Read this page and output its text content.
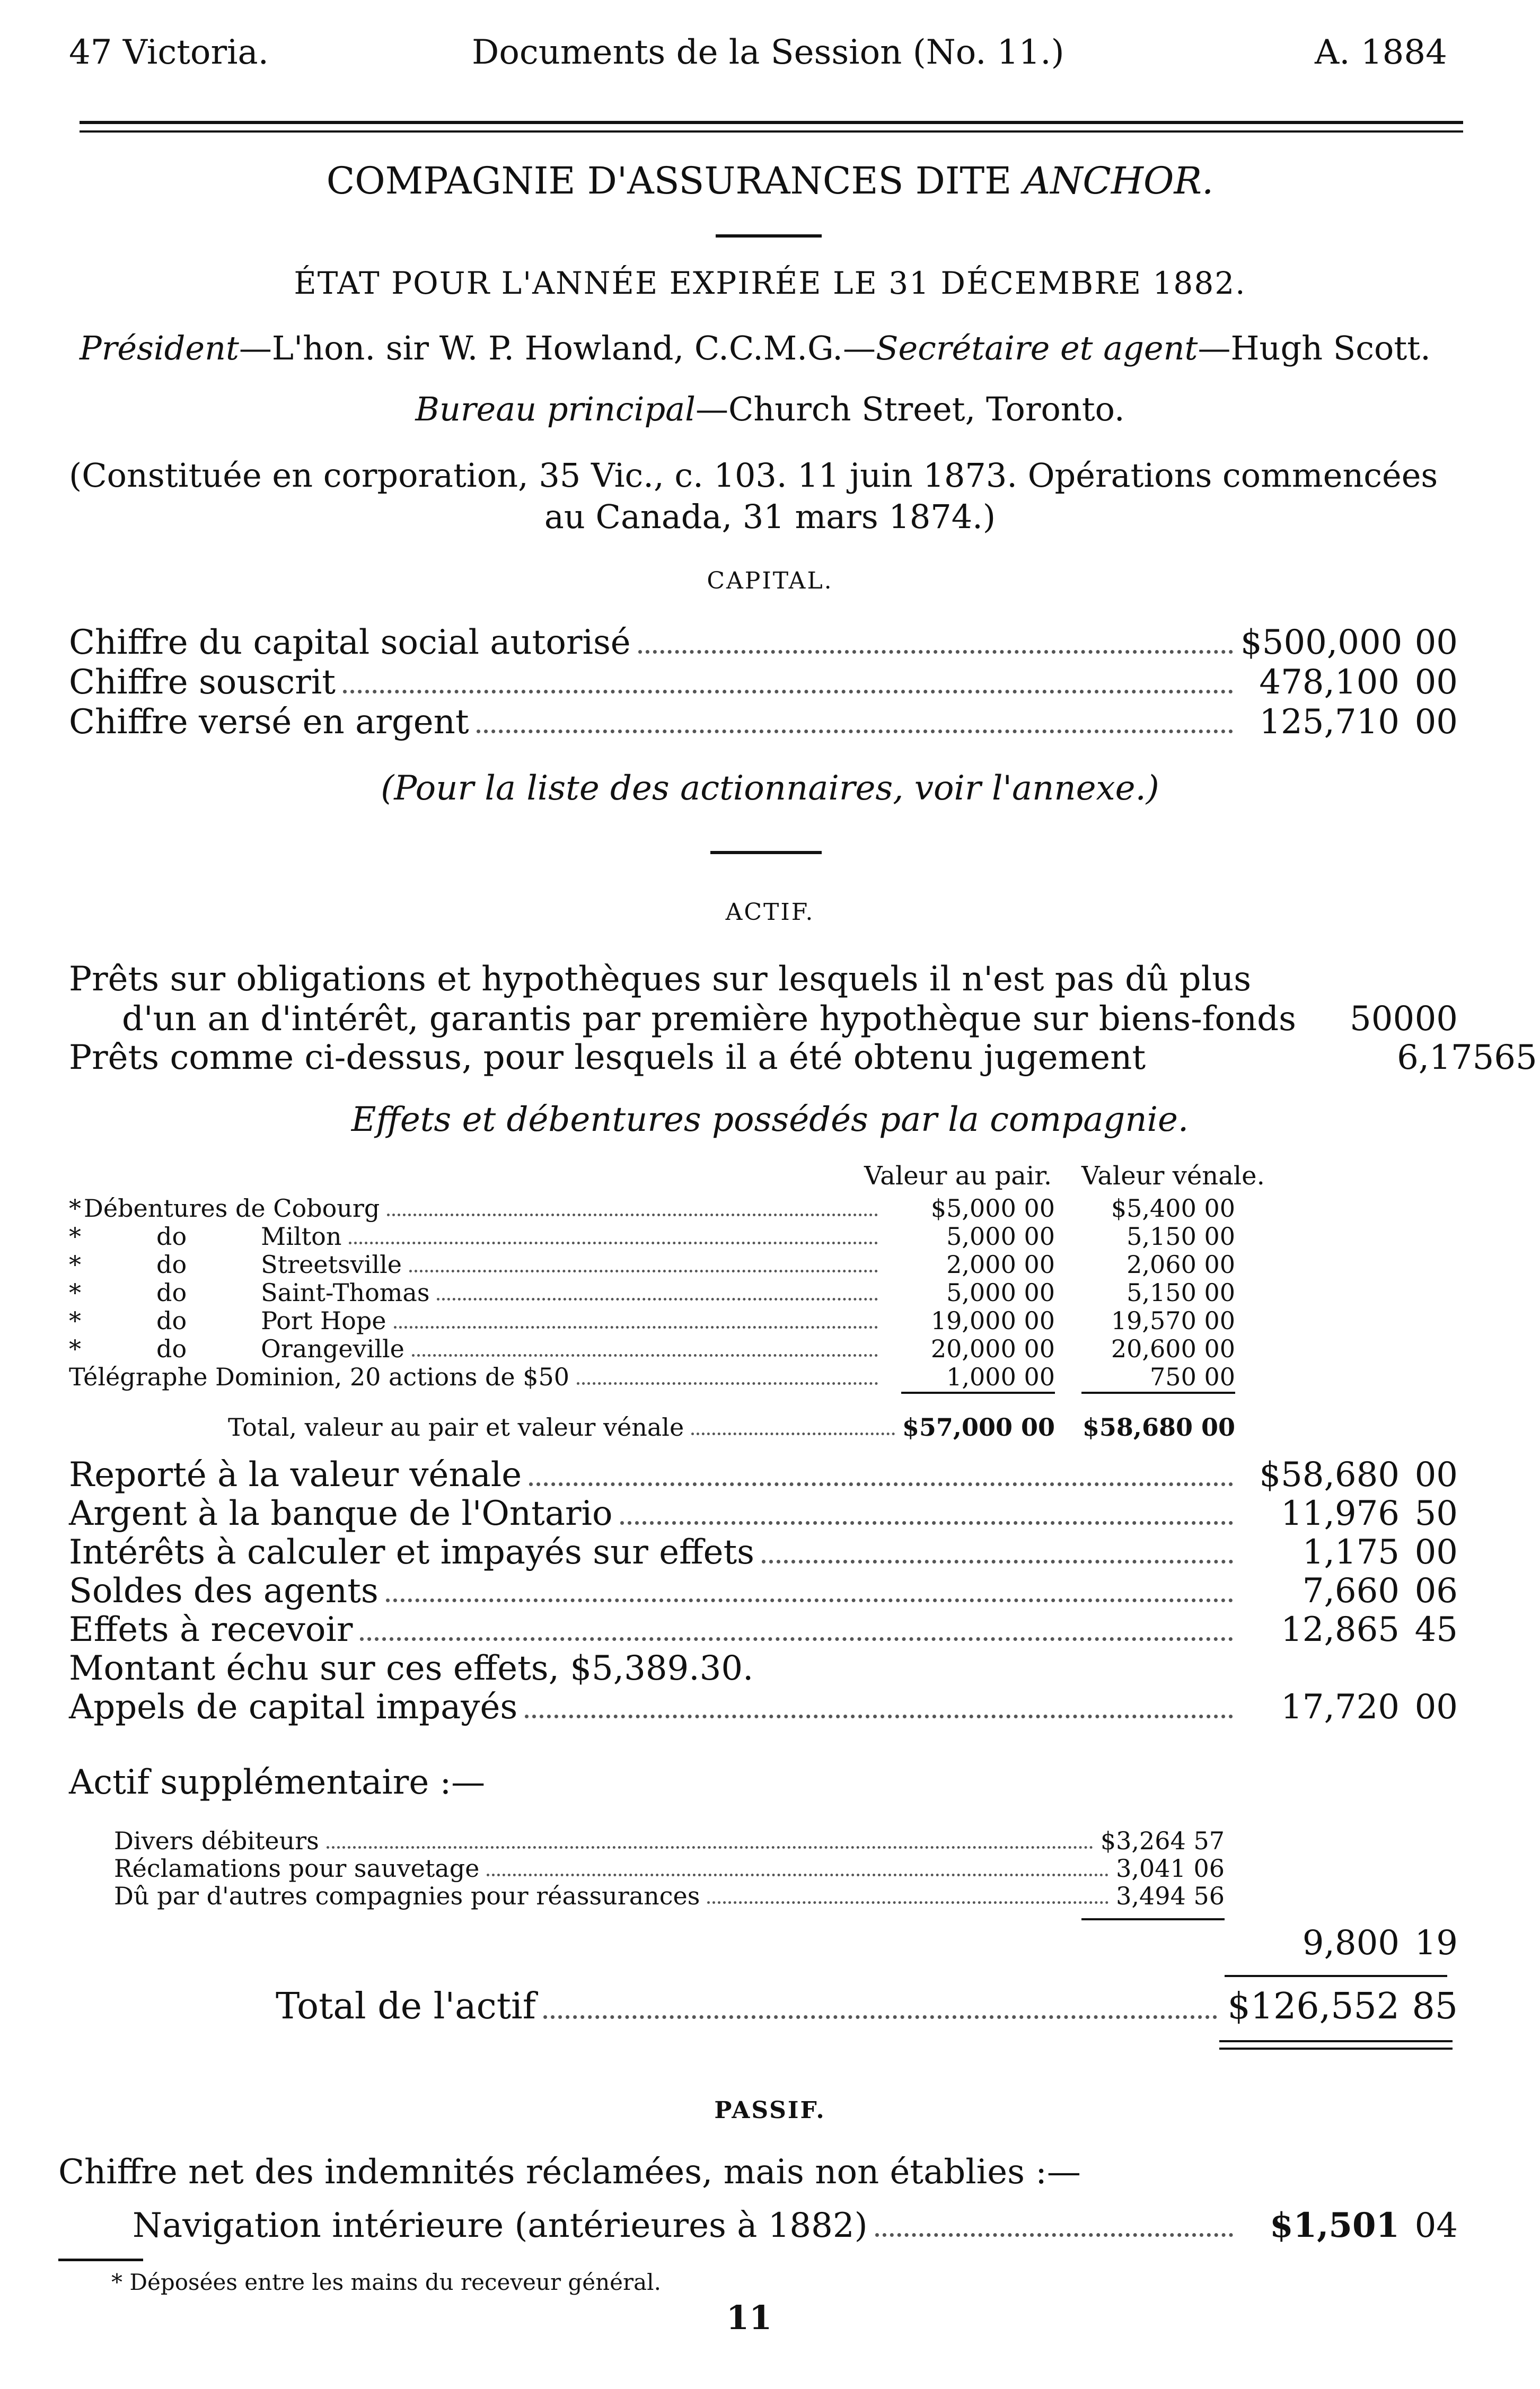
47 Victoria.	Documents de la Session (No. 11.)	A. 1884
COMPAGNIE D'ASSURANCES DITE ANCHOR.
ÉTAT POUR L'ANNÉE EXPIRÉE LE 31 DÉCEMBRE 1882.
Président—L'hon. sir W. P. Howland, C.C.M.G.—Secrétaire et agent—Hugh Scott.
Bureau principal—Church Street, Toronto.
(Constituée en corporation, 35 Vic., c. 103. 11 juin 1873. Opérations commencées
au Canada, 31 mars 1874.)
CAPITAL.
Chiffre du capital social autorisé	$500,000 00
Chiffre souscrit	478,100 00
Chiffre versé en argent	125,710 00
(Pour la liste des actionnaires, voir l'annexe.)
ACTIF.
Prêts sur obligations et hypothèques sur lesquels il n'est pas dû plus
d'un an d'intérêt, garantis par première hypothèque sur biens-fonds	500 00
Prêts comme ci-dessus, pour lesquels il a été obtenu jugement	6,175 65
Effets et débentures possédés par la compagnie.
Valeur au pair. Valeur vénale.
* Débentures de Cobourg	$5,000 00	$5,400 00
*	do	Milton	5,000 00	5,150 00
*	do	Streetsville	2,000 00	2,060 00
*	do	Saint-Thomas	5,000 00	5,150 00
*	do	Port Hope	19,000 00	19,570 00
*	do	Orangeville	20,000 00	20,600 00
Télégraphe Dominion, 20 actions de $50	1,000 00	750 00
Total, valeur au pair et valeur vénale	$57,000 00 $58,680 00
Reporté à la valeur vénale	$58,680 00
Argent à la banque de l'Ontario	11,976 50
Intérêts à calculer et impayés sur effets	1,175 00
Soldes des agents	7,660 06
Effets à recevoir	12,865 45
Montant échu sur ces effets, $5,389.30.
Appels de capital impayés	17,720 00
Actif supplémentaire :—
Divers débiteurs	$3,264 57
Réclamations pour sauvetage	3,041 06
Dû par d'autres compagnies pour réassurances	3,494 56
9,800 19
Total de l'actif	$126,552 85
PASSIF.
Chiffre net des indemnités réclamées, mais non établies :—
Navigation intérieure (antérieures à 1882)	$1,501 04
* Déposées entre les mains du receveur général.
11
